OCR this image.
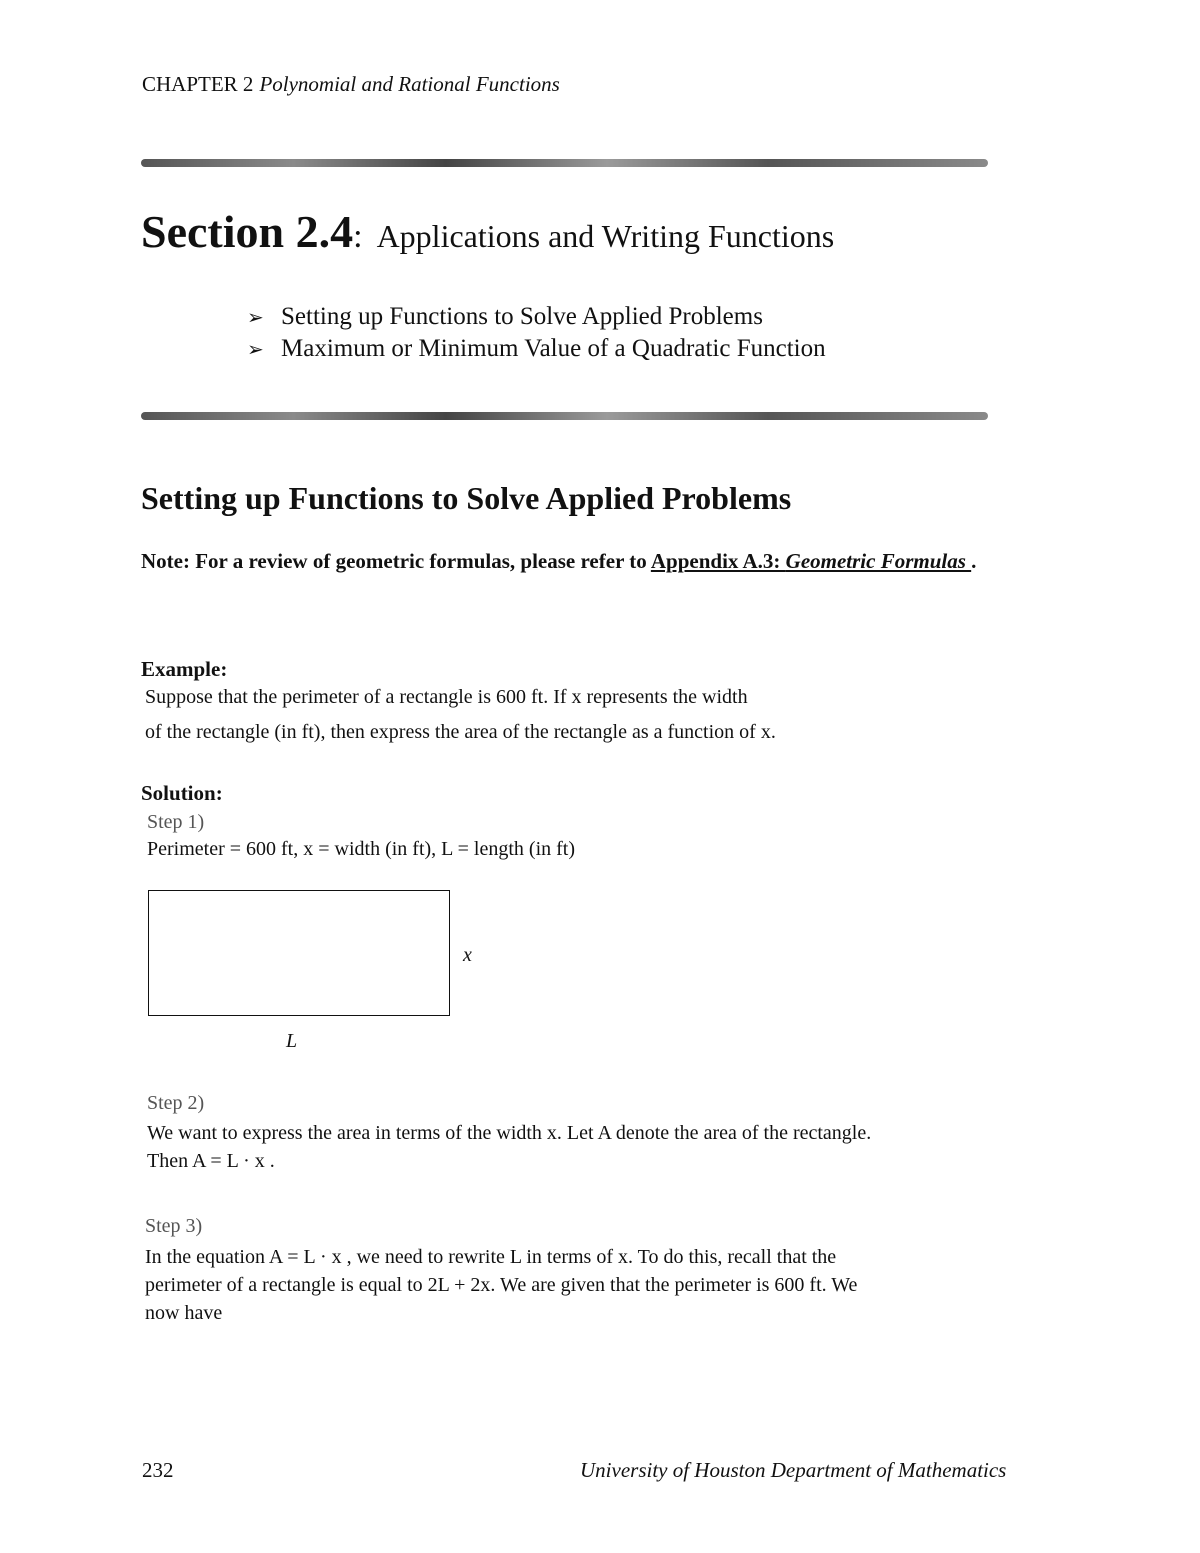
CHAPTER 2 Polynomial and Rational Functions
Section 2.4: Applications and Writing Functions
➢ Setting up Functions to Solve Applied Problems
➢ Maximum or Minimum Value of a Quadratic Function
Setting up Functions to Solve Applied Problems
Note: For a review of geometric formulas, please refer to Appendix A.3: Geometric Formulas .
Example:
Suppose that the perimeter of a rectangle is 600 ft. If x represents the width
of the rectangle (in ft), then express the area of the rectangle as a function of x.
Solution:
Step 1)
Perimeter = 600 ft, x = width (in ft), L = length (in ft)
x
L
Step 2)
We want to express the area in terms of the width x. Let A denote the area of the rectangle.
Then A = L · x .
Step 3)
In the equation A = L · x , we need to rewrite L in terms of x. To do this, recall that the
perimeter of a rectangle is equal to 2L + 2x. We are given that the perimeter is 600 ft. We
now have
232	University of Houston Department of Mathematics
